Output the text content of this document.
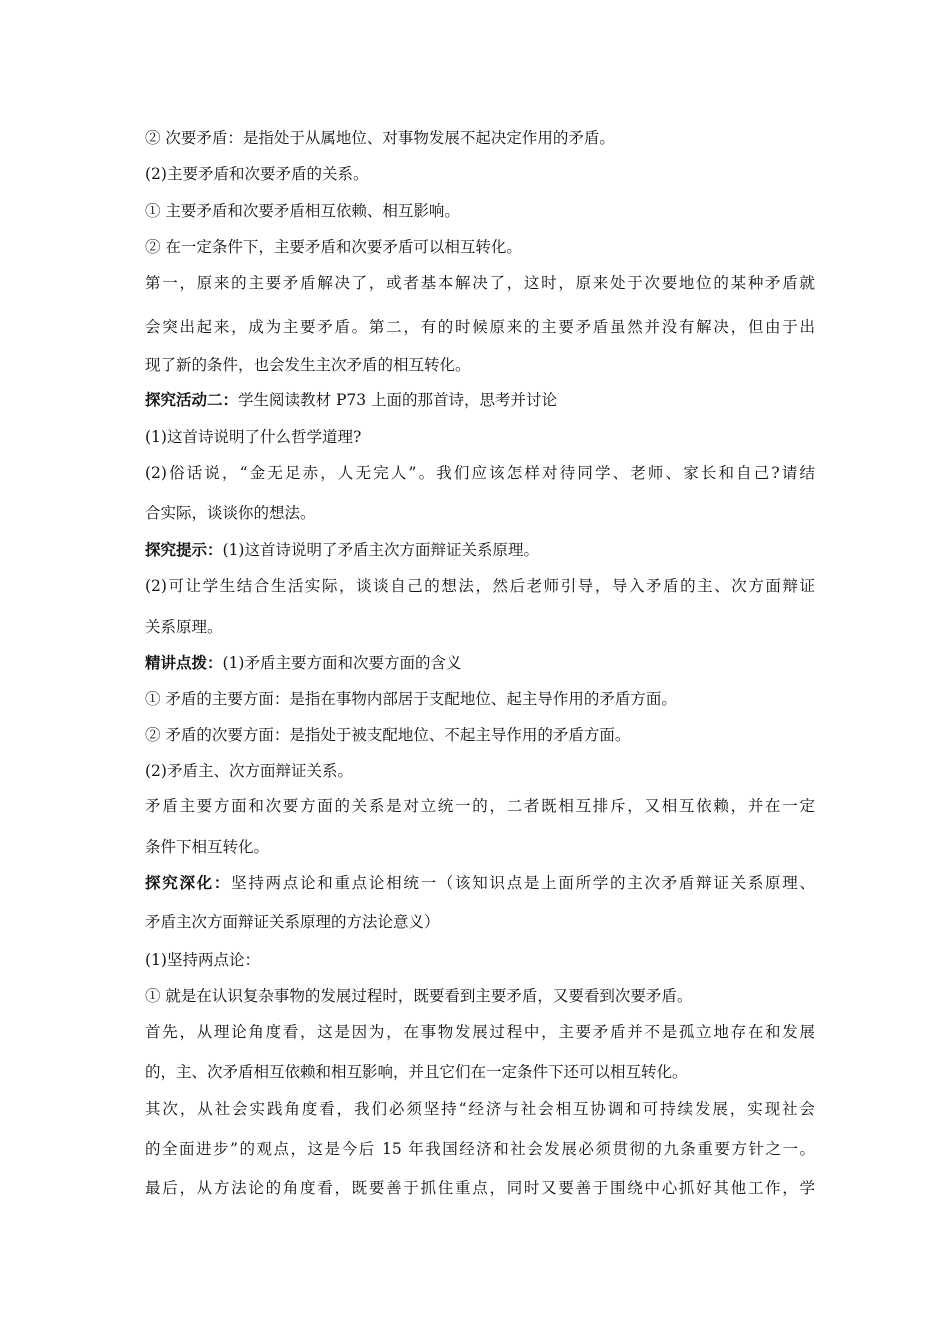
② 次要矛盾：是指处于从属地位、对事物发展不起决定作用的矛盾。
(2)主要矛盾和次要矛盾的关系。
① 主要矛盾和次要矛盾相互依赖、相互影响。
② 在一定条件下，主要矛盾和次要矛盾可以相互转化。
第一，原来的主要矛盾解决了，或者基本解决了，这时，原来处于次要地位的某种矛盾就
会突出起来，成为主要矛盾。第二，有的时候原来的主要矛盾虽然并没有解决，但由于出
现了新的条件，也会发生主次矛盾的相互转化。
探究活动二：学生阅读教材 P73 上面的那首诗，思考并讨论
(1)这首诗说明了什么哲学道理?
(2)俗话说，“金无足赤，人无完人”。我们应该怎样对待同学、老师、家长和自己?请结
合实际，谈谈你的想法。
探究提示：(1)这首诗说明了矛盾主次方面辩证关系原理。
(2)可让学生结合生活实际，谈谈自己的想法，然后老师引导，导入矛盾的主、次方面辩证
关系原理。
精讲点拨：(1)矛盾主要方面和次要方面的含义
① 矛盾的主要方面：是指在事物内部居于支配地位、起主导作用的矛盾方面。
② 矛盾的次要方面：是指处于被支配地位、不起主导作用的矛盾方面。
(2)矛盾主、次方面辩证关系。
矛盾主要方面和次要方面的关系是对立统一的，二者既相互排斥，又相互依赖，并在一定
条件下相互转化。
探究深化：坚持两点论和重点论相统一（该知识点是上面所学的主次矛盾辩证关系原理、
矛盾主次方面辩证关系原理的方法论意义）
(1)坚持两点论：
① 就是在认识复杂事物的发展过程时，既要看到主要矛盾，又要看到次要矛盾。
首先，从理论角度看，这是因为，在事物发展过程中，主要矛盾并不是孤立地存在和发展
的，主、次矛盾相互依赖和相互影响，并且它们在一定条件下还可以相互转化。
其次，从社会实践角度看，我们必须坚持“经济与社会相互协调和可持续发展，实现社会
的全面进步”的观点，这是今后 15 年我国经济和社会发展必须贯彻的九条重要方针之一。
最后，从方法论的角度看，既要善于抓住重点，同时又要善于围绕中心抓好其他工作，学
